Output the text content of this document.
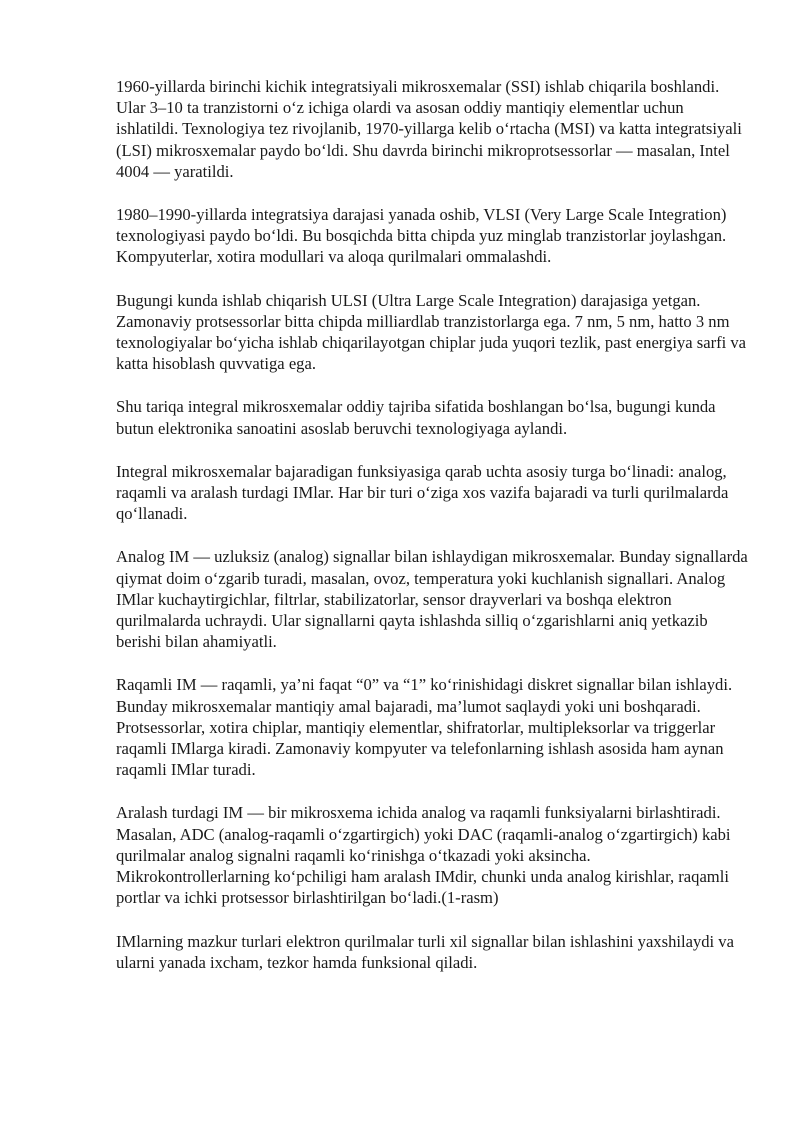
1960-yillarda birinchi kichik integratsiyali mikrosxemalar (SSI) ishlab chiqarila boshlandi. Ular 3–10 ta tranzistorni o‘z ichiga olardi va asosan oddiy mantiqiy elementlar uchun ishlatildi. Texnologiya tez rivojlanib, 1970-yillarga kelib o‘rtacha (MSI) va katta integratsiyali (LSI) mikrosxemalar paydo bo‘ldi. Shu davrda birinchi mikroprotsessorlar — masalan, Intel 4004 — yaratildi.

1980–1990-yillarda integratsiya darajasi yanada oshib, VLSI (Very Large Scale Integration) texnologiyasi paydo bo‘ldi. Bu bosqichda bitta chipda yuz minglab tranzistorlar joylashgan. Kompyuterlar, xotira modullari va aloqa qurilmalari ommalashdi.

Bugungi kunda ishlab chiqarish ULSI (Ultra Large Scale Integration) darajasiga yetgan. Zamonaviy protsessorlar bitta chipda milliardlab tranzistorlarga ega. 7 nm, 5 nm, hatto 3 nm texnologiyalar bo‘yicha ishlab chiqarilayotgan chiplar juda yuqori tezlik, past energiya sarfi va katta hisoblash quvvatiga ega.

Shu tariqa integral mikrosxemalar oddiy tajriba sifatida boshlangan bo‘lsa, bugungi kunda butun elektronika sanoatini asoslab beruvchi texnologiyaga aylandi.

Integral mikrosxemalar bajaradigan funksiyasiga qarab uchta asosiy turga bo‘linadi: analog, raqamli va aralash turdagi IMlar. Har bir turi o‘ziga xos vazifa bajaradi va turli qurilmalarda qo‘llanadi.

Analog IM — uzluksiz (analog) signallar bilan ishlaydigan mikrosxemalar. Bunday signallarda qiymat doim o‘zgarib turadi, masalan, ovoz, temperatura yoki kuchlanish signallari. Analog IMlar kuchaytirgichlar, filtrlar, stabilizatorlar, sensor drayverlari va boshqa elektron qurilmalarda uchraydi. Ular signallarni qayta ishlashda silliq o‘zgarishlarni aniq yetkazib berishi bilan ahamiyatli.

Raqamli IM — raqamli, ya’ni faqat “0” va “1” ko‘rinishidagi diskret signallar bilan ishlaydi. Bunday mikrosxemalar mantiqiy amal bajaradi, ma’lumot saqlaydi yoki uni boshqaradi. Protsessorlar, xotira chiplar, mantiqiy elementlar, shifratorlar, multipleksorlar va triggerlar raqamli IMlarga kiradi. Zamonaviy kompyuter va telefonlarning ishlash asosida ham aynan raqamli IMlar turadi.

Aralash turdagi IM — bir mikrosxema ichida analog va raqamli funksiyalarni birlashtiradi. Masalan, ADC (analog-raqamli o‘zgartirgich) yoki DAC (raqamli-analog o‘zgartirgich) kabi qurilmalar analog signalni raqamli ko‘rinishga o‘tkazadi yoki aksincha. Mikrokontrollerlarning ko‘pchiligi ham aralash IMdir, chunki unda analog kirishlar, raqamli portlar va ichki protsessor birlashtirilgan bo‘ladi.(1-rasm)

IMlarning mazkur turlari elektron qurilmalar turli xil signallar bilan ishlashini yaxshilaydi va ularni yanada ixcham, tezkor hamda funksional qiladi.
